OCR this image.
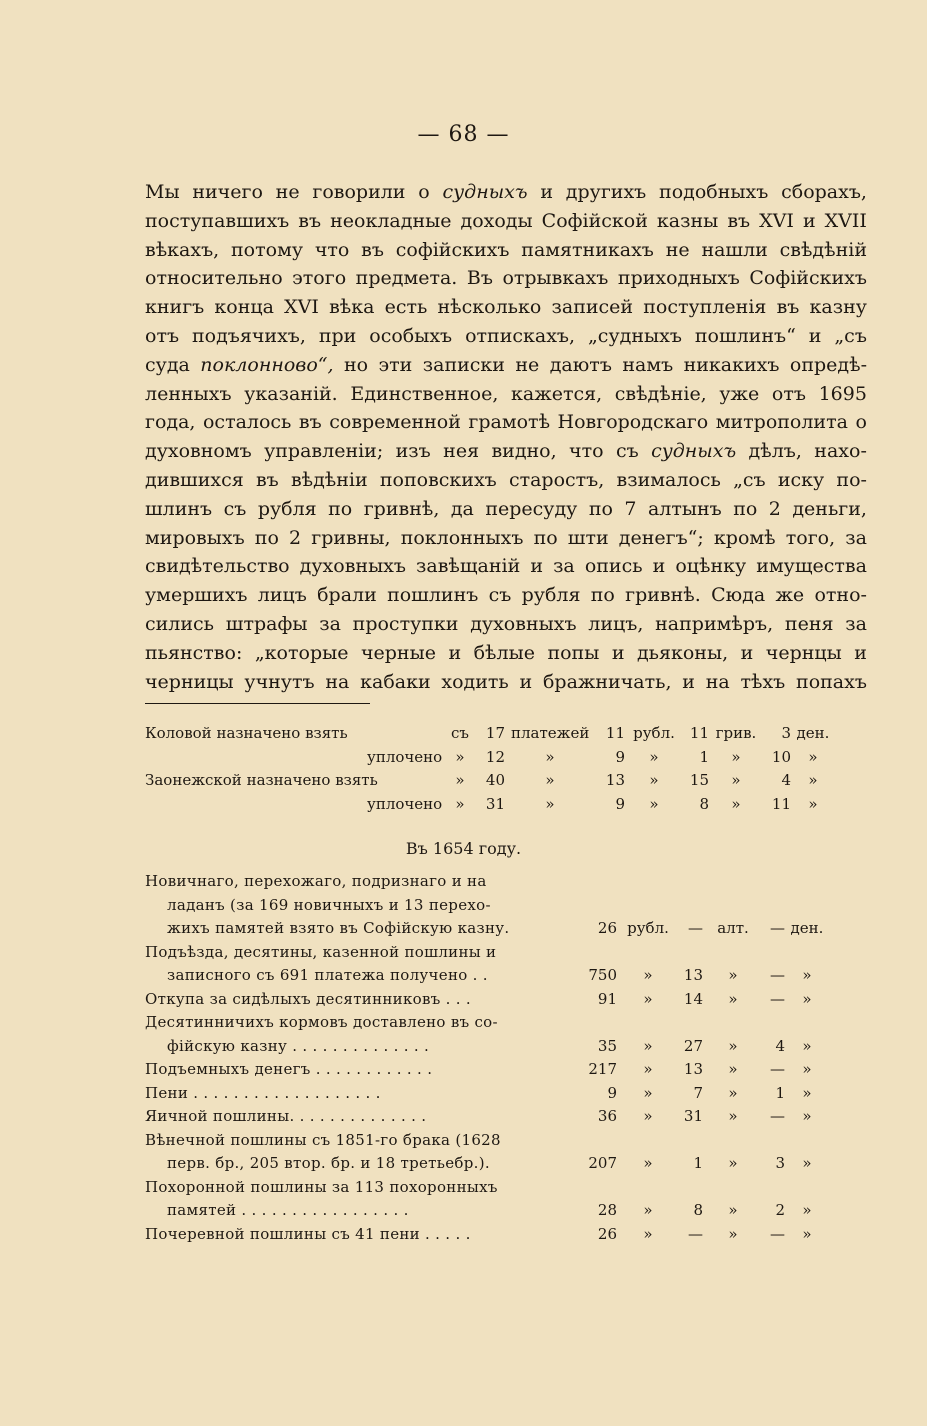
— 68 —
Мы ничего не говорили о судныхъ и другихъ подобныхъ сборахъ,
поступавшихъ въ неокладные доходы Софійской казны въ XVI и XVII
вѣкахъ, потому что въ софійскихъ памятникахъ не нашли свѣдѣній
относительно этого предмета. Въ отрывкахъ приходныхъ Софійскихъ
книгъ конца XVI вѣка есть нѣсколько записей поступленія въ казну
отъ подъячихъ, при особыхъ отпискахъ, „судныхъ пошлинъ“ и „съ
суда поклонново“, но эти записки не даютъ намъ никакихъ опредѣ-
ленныхъ указаній. Единственное, кажется, свѣдѣніе, уже отъ 1695
года, осталось въ современной грамотѣ Новгородскаго митрополита о
духовномъ управленіи; изъ нея видно, что съ судныхъ дѣлъ, нахо-
дившихся въ вѣдѣніи поповскихъ старостъ, взималось „съ иску по-
шлинъ съ рубля по гривнѣ, да пересуду по 7 алтынъ по 2 деньги,
мировыхъ по 2 гривны, поклонныхъ по шти денегъ“; кромѣ того, за
свидѣтельство духовныхъ завѣщаній и за опись и оцѣнку имущества
умершихъ лицъ брали пошлинъ съ рубля по гривнѣ. Сюда же отно-
сились штрафы за проступки духовныхъ лицъ, напримѣръ, пеня за
пьянство: „которые черные и бѣлые попы и дьяконы, и чернцы и
черницы учнутъ на кабаки ходить и бражничать, и на тѣхъ попахъ
Коловой назначено взять	съ	17 платежей	11 рубл.	11 грив.	3 ден.
уплочено »	12	»	9	»	1	»	10	»
Заонежской назначено взять	»	40	»	13	»	15	»	4	»
уплочено »	31	»	9	»	8	»	11	»
Въ 1654 году.
Новичнаго, перехожаго, подризнаго и на
ладанъ (за 169 новичныхъ и 13 перехо-
жихъ памятей взято въ Софійскую казну.	26 рубл.	— алт.	— ден.
Подъѣзда, десятины, казенной пошлины и
записного съ 691 платежа получено . .	750	»	13	»	—	»
Откупа за сидѣлыхъ десятинниковъ . . .	91	»	14	»	—	»
Десятинничихъ кормовъ доставлено въ со-
фійскую казну . . . . . . . . . . . . . .	35	»	27	»	4	»
Подъемныхъ денегъ . . . . . . . . . . . .	217	»	13	»	—	»
Пени . . . . . . . . . . . . . . . . . . .	9	»	7	»	1	»
Яичной пошлины. . . . . . . . . . . . . .	36	»	31	»	—	»
Вѣнечной пошлины съ 1851-го брака (1628
перв. бр., 205 втор. бр. и 18 третьебр.).	207	»	1	»	3	»
Похоронной пошлины за 113 похоронныхъ
памятей . . . . . . . . . . . . . . . . .	28	»	8	»	2	»
Почеревной пошлины съ 41 пени . . . . .	26	»	—	»	—	»
